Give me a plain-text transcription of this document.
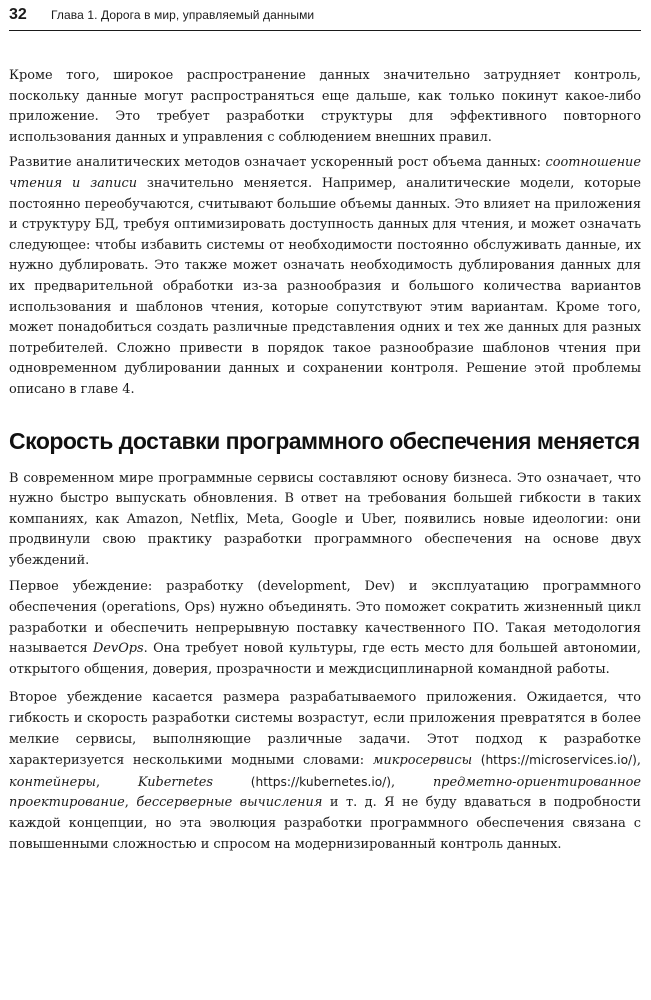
32	Глава 1. Дорога в мир, управляемый данными

Кроме того, широкое распространение данных значительно затрудняет контроль, поскольку данные могут распространяться еще дальше, как только покинут какое-либо приложение. Это требует разработки структуры для эффективного повторного использования данных и управления с соблюдением внешних правил.

Развитие аналитических методов означает ускоренный рост объема данных: соотношение чтения и записи значительно меняется. Например, аналитические модели, которые постоянно переобучаются, считывают большие объемы данных. Это влияет на приложения и структуру БД, требуя оптимизировать доступность данных для чтения, и может означать следующее: чтобы избавить системы от необходимости постоянно обслуживать данные, их нужно дублировать. Это также может означать необходимость дублирования данных для их предварительной обработки из-за разнообразия и большого количества вариантов использования и шаблонов чтения, которые сопутствуют этим вариантам. Кроме того, может понадобиться создать различные представления одних и тех же данных для разных потребителей. Сложно привести в порядок такое разнообразие шаблонов чтения при одновременном дублировании данных и сохранении контроля. Решение этой проблемы описано в главе 4.

Скорость доставки программного обеспечения меняется

В современном мире программные сервисы составляют основу бизнеса. Это означает, что нужно быстро выпускать обновления. В ответ на требования большей гибкости в таких компаниях, как Amazon, Netflix, Meta, Google и Uber, появились новые идеологии: они продвинули свою практику разработки программного обеспечения на основе двух убеждений.

Первое убеждение: разработку (development, Dev) и эксплуатацию программного обеспечения (operations, Ops) нужно объединять. Это поможет сократить жизненный цикл разработки и обеспечить непрерывную поставку качественного ПО. Такая методология называется DevOps. Она требует новой культуры, где есть место для большей автономии, открытого общения, доверия, прозрачности и междисциплинарной командной работы.

Второе убеждение касается размера разрабатываемого приложения. Ожидается, что гибкость и скорость разработки системы возрастут, если приложения превратятся в более мелкие сервисы, выполняющие различные задачи. Этот подход к разработке характеризуется несколькими модными словами: микросервисы (https://microservices.io/), контейнеры, Kubernetes	(https://kubernetes.io/), предметно-ориентированное проектирование, бессерверные вычисления и т. д. Я не буду вдаваться в подробности каждой концепции, но эта эволюция разработки программного обеспечения связана с повышенными сложностью и спросом на модернизированный контроль данных.
